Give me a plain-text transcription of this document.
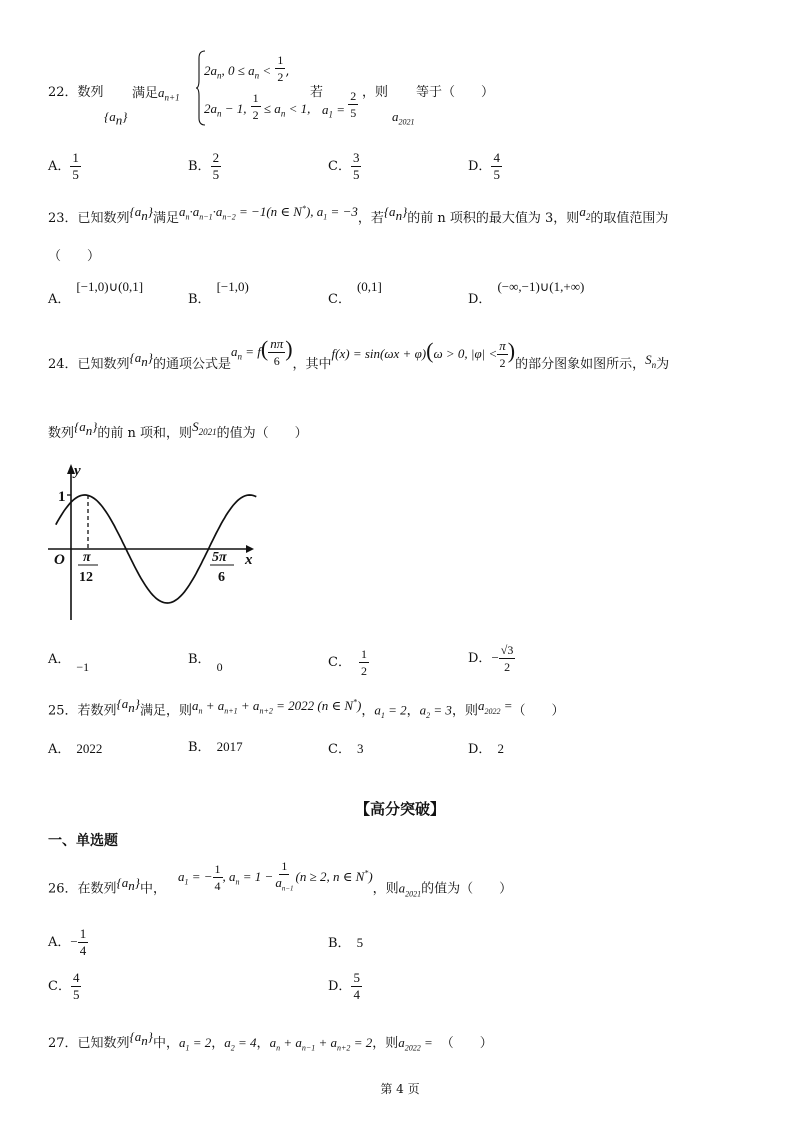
22．数列
$\{a_n\}$
满足$a_{n+1}$
$2a_n$, $0 \le a_n < \frac{1}{2}$ ,
$2a_n - 1$, $\frac{1}{2} \le a_n < 1$,
若
$a_1 = \frac{2}{5}$ ，则
$a_{2021}$
等于（　　）
A． $\frac{1}{5}$	B． $\frac{2}{5}$	C． $\frac{3}{5}$	D． $\frac{4}{5}$
23．已知数列$\{a_n\}$满足$a_n\cdot a_{n-1}\cdot a_{n-2} = -1(n$ ∈ N*), $a_1 = -3$，若$\{a_n\}$的前 n 项积的最大值为 3，则$a_2$的取值范围为
（　　）
A．[−1,0)∪(0,1]
B．[−1,0)
C．(0,1]
D．(−∞,−1)∪(1,+∞)
24．已知数列$\{a_n\}$的通项公式是$a_n = f( \frac{n\pi}{6}$ )，其中f(x) = sin(ωx + φ)(ω > 0, $|\varphi| < \frac{\pi}{2}$ )的部分图象如图所示，$S_n$为
数列$\{a_n\}$的前 n 项和，则$S_{2021}$的值为（　　）
y
x
O
1
π
12
5π
6
A． −1	B． 0	C． $\frac{1}{2}$	D．− $\frac{√3}{2}$
25．若数列$\{a_n\}$满足，则$a_n + a_{n+1} + a_{n+2} = 2022$ (n ∈ N*)，$a_1 = 2$，$a_2 = 3$，则$a_{2022}$ =（　　）
A． 2022	B． 2017	C． 3	D． 2
【高分突破】
一、单选题
26．在数列$\{a_n\}$中，$a_1$ = − $\frac{1}{4}$ , $a_n = 1 - \frac{1}{a_{n-1}} (n \ge 2$, n ∈ N*)，则$a_{2021}$的值为（　　）
A．− $\frac{1}{4}$	B． 5
C． $\frac{4}{5}$	D． $\frac{5}{4}$
27．已知数列$\{a_n\}$中，$a_1 = 2$，$a_2 = 4$，$a_n + a_{n-1} + a_{n+2} = 2$，则$a_{2022}$ = （　　）
第 4 页
